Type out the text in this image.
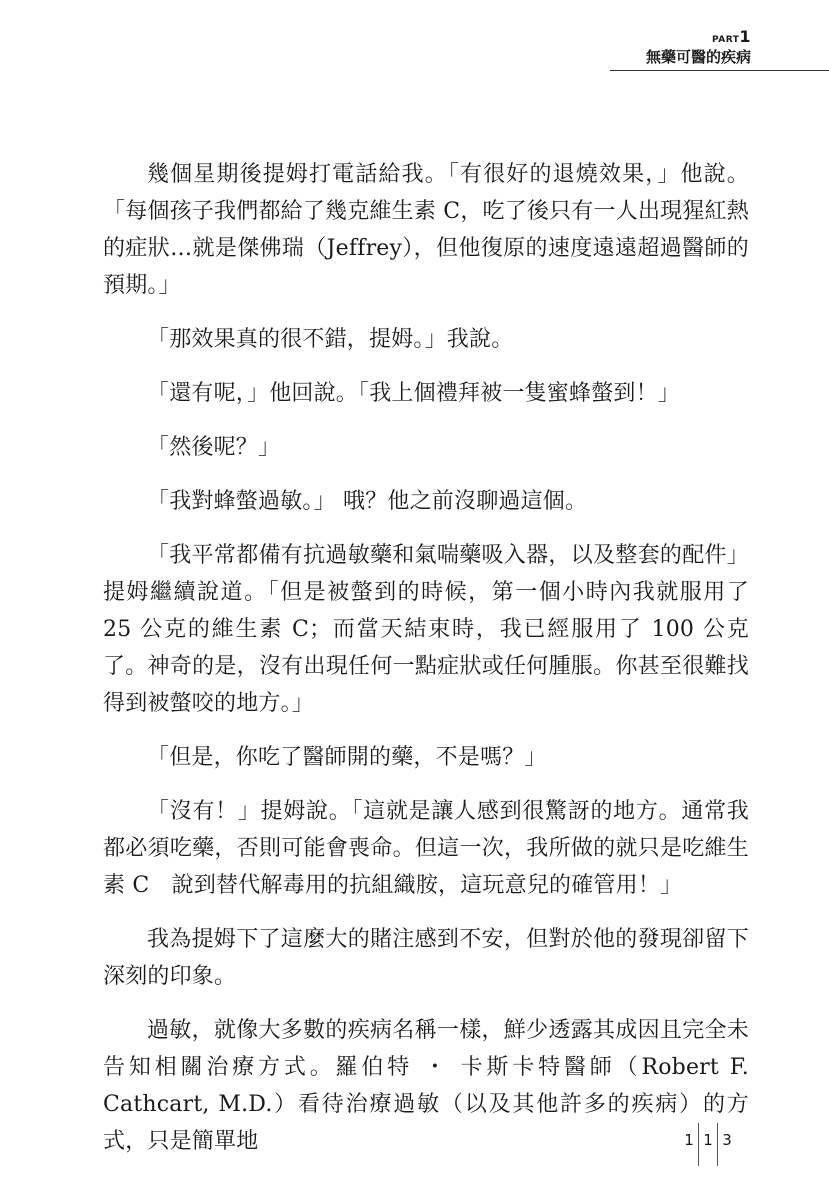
PART1
無藥可醫的疾病

幾個星期後提姆打電話給我。「有很好的退燒效果，」他說。「每個孩子我們都給了幾克維生素 C，吃了後只有一人出現猩紅熱的症狀…就是傑佛瑞（Jeffrey），但他復原的速度遠遠超過醫師的預期。」

「那效果真的很不錯，提姆。」我說。

「還有呢，」他回說。「我上個禮拜被一隻蜜蜂螫到！」

「然後呢？」

「我對蜂螫過敏。」 哦？他之前沒聊過這個。

「我平常都備有抗過敏藥和氣喘藥吸入器，以及整套的配件」提姆繼續說道。「但是被螫到的時候，第一個小時內我就服用了 25 公克的維生素 C；而當天結束時，我已經服用了 100 公克了。神奇的是，沒有出現任何一點症狀或任何腫脹。你甚至很難找得到被螫咬的地方。」

「但是，你吃了醫師開的藥，不是嗎？」

「沒有！」提姆說。「這就是讓人感到很驚訝的地方。通常我都必須吃藥，否則可能會喪命。但這一次，我所做的就只是吃維生素 C　說到替代解毒用的抗組織胺，這玩意兒的確管用！」

我為提姆下了這麼大的賭注感到不安，但對於他的發現卻留下深刻的印象。

過敏，就像大多數的疾病名稱一樣，鮮少透露其成因且完全未告知相關治療方式。羅伯特 ・ 卡斯卡特醫師（Robert F. Cathcart, M.D.）看待治療過敏（以及其他許多的疾病）的方式，只是簡單地	1 1 3
